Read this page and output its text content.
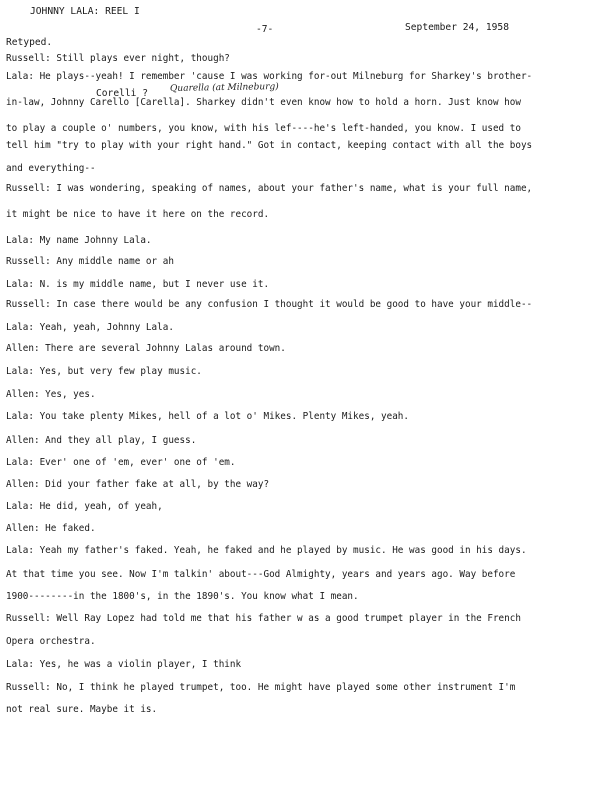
JOHNNY LALA: REEL I
-7-	September 24, 1958
Retyped.
Corelli ? Quarella (at Milneburg)
Russell: Still plays ever night, though?
Lala: He plays--yeah! I remember 'cause I was working for-out Milneburg for Sharkey's brother-
in-law, Johnny Carello [Carella]. Sharkey didn't even know how to hold a horn. Just know how
to play a couple o' numbers, you know, with his lef----he's left-handed, you know. I used to
tell him "try to play with your right hand." Got in contact, keeping contact with all the boys
and everything--
Russell: I was wondering, speaking of names, about your father's name, what is your full name,
it might be nice to have it here on the record.
Lala: My name Johnny Lala.
Russell: Any middle name or ah
Lala: N. is my middle name, but I never use it.
Russell: In case there would be any confusion I thought it would be good to have your middle--
Lala: Yeah, yeah, Johnny Lala.
Allen: There are several Johnny Lalas around town.
Lala: Yes, but very few play music.
Allen: Yes, yes.
Lala: You take plenty Mikes, hell of a lot o' Mikes. Plenty Mikes, yeah.
Allen: And they all play, I guess.
Lala: Ever' one of 'em, ever' one of 'em.
Allen: Did your father fake at all, by the way?
Lala: He did, yeah, of yeah,
Allen: He faked.
Lala: Yeah my father's faked. Yeah, he faked and he played by music. He was good in his days.
At that time you see. Now I'm talkin' about---God Almighty, years and years ago. Way before
1900--------in the 1800's, in the 1890's. You know what I mean.
Russell: Well Ray Lopez had told me that his father w as a good trumpet player in the French
Opera orchestra.
Lala: Yes, he was a violin player, I think
Russell: No, I think he played trumpet, too. He might have played some other instrument I'm
not real sure. Maybe it is.
